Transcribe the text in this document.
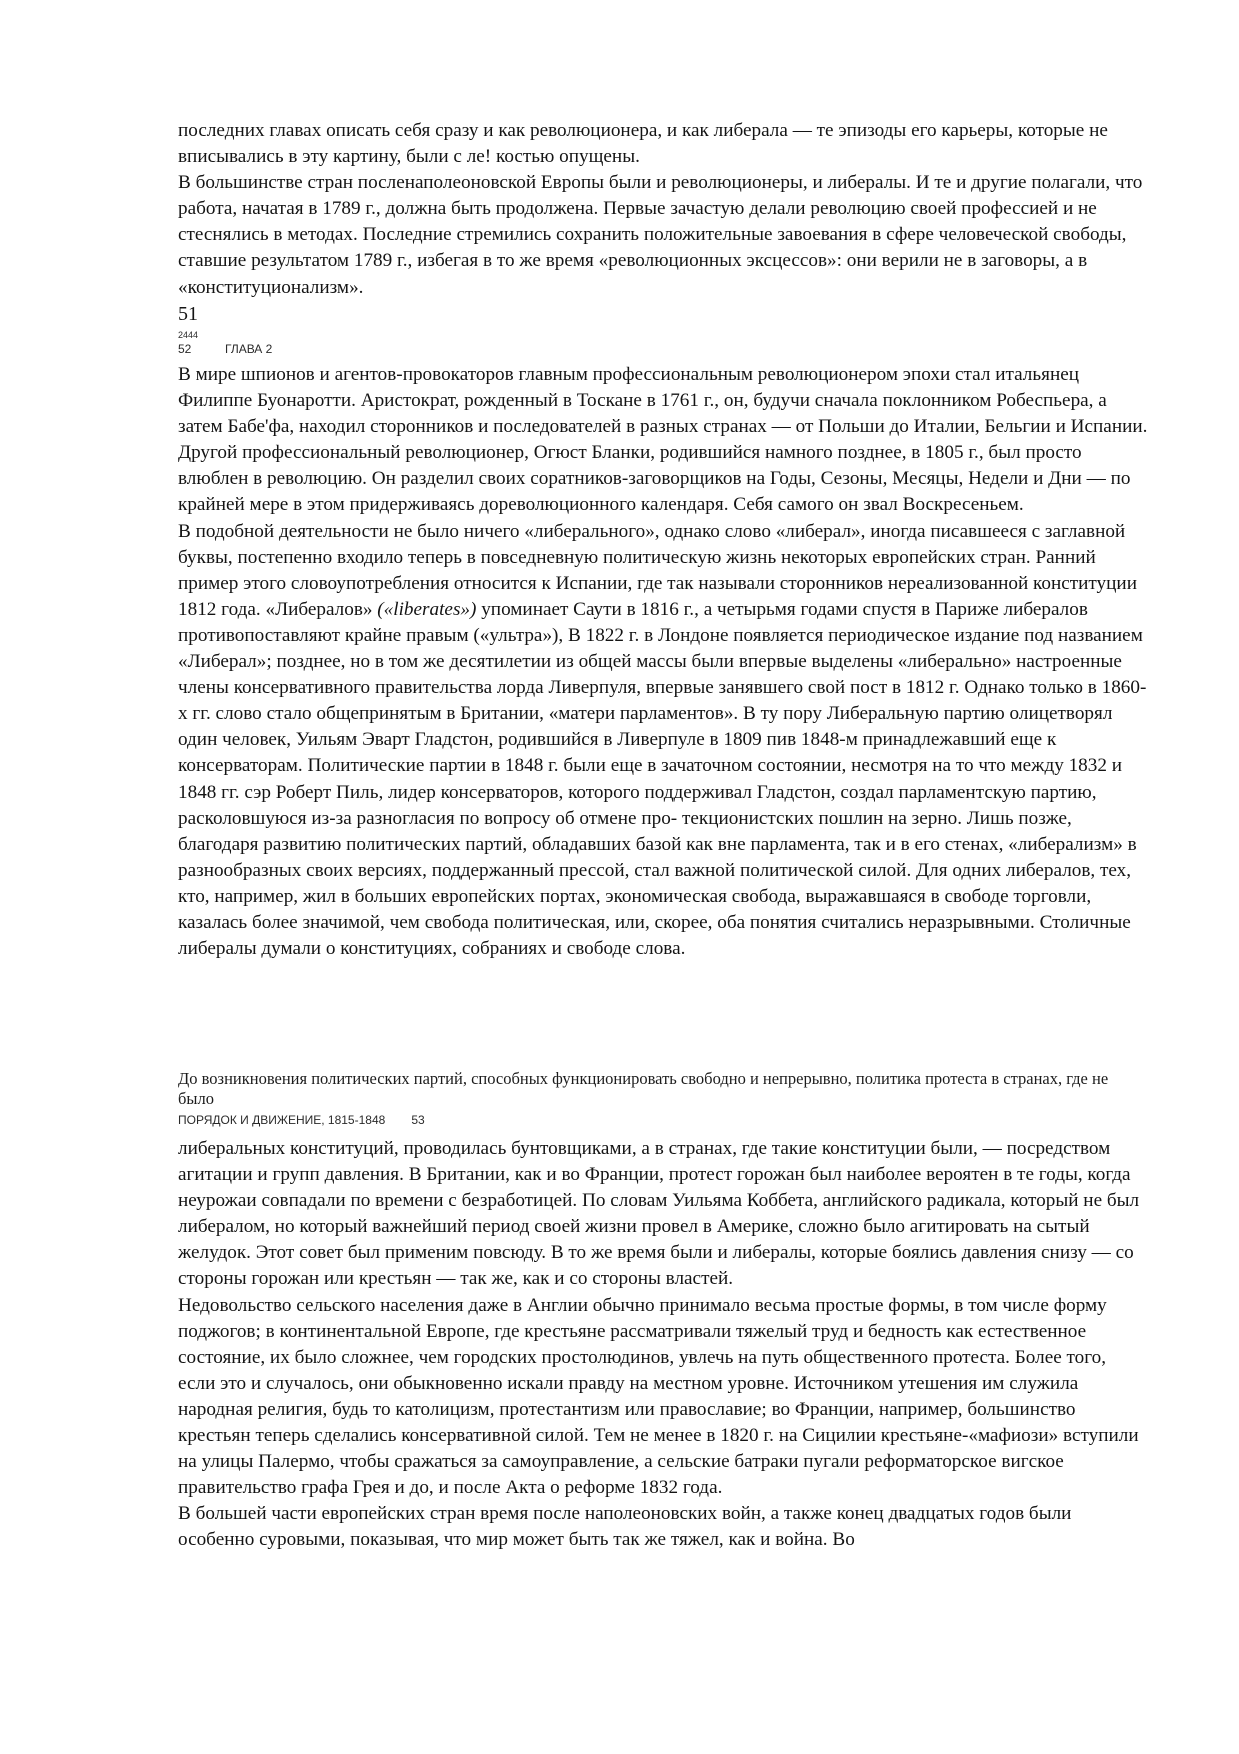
последних главах описать себя сразу и как революционера, и как либерала — те эпизоды его карьеры, которые не вписывались в эту картину, были с ле! костью опущены.

В большинстве стран посленаполеоновской Европы были и революционеры, и либералы. И те и другие полагали, что работа, начатая в 1789 г., должна быть продолжена. Первые зачастую делали революцию своей профессией и не стеснялись в методах. Последние стремились сохранить положительные завоевания в сфере человеческой свободы, ставшие результатом 1789 г., избегая в то же время «революционных эксцессов»: они верили не в заговоры, а в «конституционализм».

51
2444
52	ГЛАВА 2

В мире шпионов и агентов-провокаторов главным профессиональным революционером эпохи стал итальянец Филиппе Буонаротти. Аристократ, рожденный в Тоскане в 1761 г., он, будучи сначала поклонником Робеспьера, а затем Бабе'фа, находил сторонников и последователей в разных странах — от Польши до Италии, Бельгии и Испании. Другой профессиональный революционер, Огюст Бланки, родившийся намного позднее, в 1805 г., был просто влюблен в революцию. Он разделил своих соратников-заговорщиков на Годы, Сезоны, Месяцы, Недели и Дни — по крайней мере в этом придерживаясь дореволюционного календаря. Себя самого он звал Воскресеньем.

В подобной деятельности не было ничего «либерального», однако слово «либерал», иногда писавшееся с заглавной буквы, постепенно входило теперь в повседневную политическую жизнь некоторых европейских стран. Ранний пример этого словоупотребления относится к Испании, где так называли сторонников нереализованной конституции 1812 года. «Либералов» («liberates») упоминает Саути в 1816 г., а четырьмя годами спустя в Париже либералов противопоставляют крайне правым («ультра»), В 1822 г. в Лондоне появляется периодическое издание под названием «Либерал»; позднее, но в том же десятилетии из общей массы были впервые выделены «либерально» настроенные члены консервативного правительства лорда Ливерпуля, впервые занявшего свой пост в 1812 г. Однако только в 1860-х гг. слово стало общепринятым в Британии, «матери парламентов». В ту пору Либеральную партию олицетворял один человек, Уильям Эварт Гладстон, родившийся в Ливерпуле в 1809 пив 1848-м принадлежавший еще к консерваторам. Политические партии в 1848 г. были еще в зачаточном состоянии, несмотря на то что между 1832 и 1848 гг. сэр Роберт Пиль, лидер консерваторов, которого поддерживал Гладстон, создал парламентскую партию, расколовшуюся из-за разногласия по вопросу об отмене про- текционистских пошлин на зерно. Лишь позже, благодаря развитию политических партий, обладавших базой как вне парламента, так и в его стенах, «либерализм» в разнообразных своих версиях, поддержанный прессой, стал важной политической силой. Для одних либералов, тех, кто, например, жил в больших европейских портах, экономическая свобода, выражавшаяся в свободе торговли, казалась более значимой, чем свобода политическая, или, скорее, оба понятия считались неразрывными. Столичные либералы думали о конституциях, собраниях и свободе слова.

До возникновения политических партий, способных функционировать свободно и непрерывно, политика протеста в странах, где не было

ПОРЯДОК И ДВИЖЕНИЕ, 1815-1848 53

либеральных конституций, проводилась бунтовщиками, а в странах, где такие конституции были, — посредством агитации и групп давления. В Британии, как и во Франции, протест горожан был наиболее вероятен в те годы, когда неурожаи совпадали по времени с безработицей. По словам Уильяма Коббета, английского радикала, который не был либералом, но который важнейший период своей жизни провел в Америке, сложно было агитировать на сытый желудок. Этот совет был применим повсюду. В то же время были и либералы, которые боялись давления снизу — со стороны горожан или крестьян — так же, как и со стороны властей.

Недовольство сельского населения даже в Англии обычно принимало весьма простые формы, в том числе форму поджогов; в континентальной Европе, где крестьяне рассматривали тяжелый труд и бедность как естественное состояние, их было сложнее, чем городских простолюдинов, увлечь на путь общественного протеста. Более того, если это и случалось, они обыкновенно искали правду на местном уровне. Источником утешения им служила народная религия, будь то католицизм, протестантизм или православие; во Франции, например, большинство крестьян теперь сделались консервативной силой. Тем не менее в 1820 г. на Сицилии крестьяне-«мафиози» вступили на улицы Палермо, чтобы сражаться за самоуправление, а сельские батраки пугали реформаторское вигское правительство графа Грея и до, и после Акта о реформе 1832 года.

В большей части европейских стран время после наполеоновских войн, а также конец двадцатых годов были особенно суровыми, показывая, что мир может быть так же тяжел, как и война. Во
